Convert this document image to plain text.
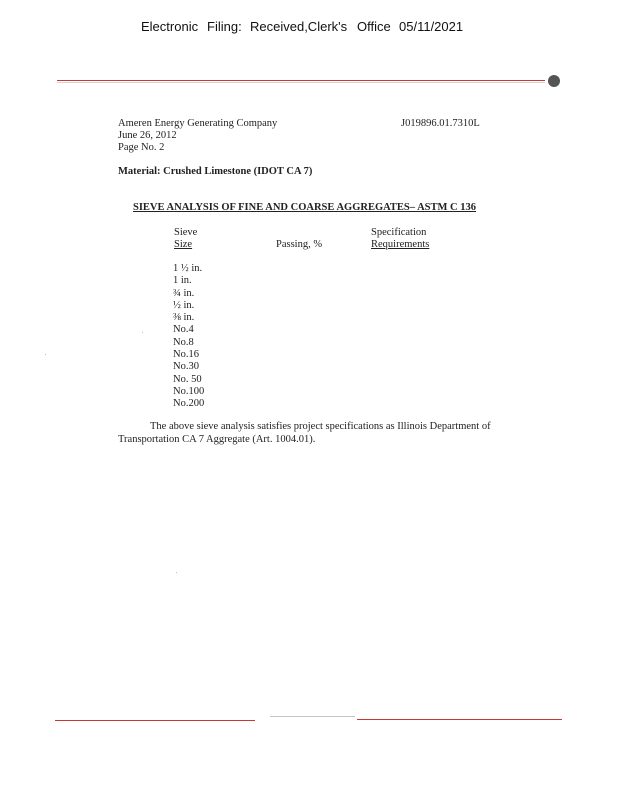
Electronic Filing: Received,Clerk's Office 05/11/2021
Ameren Energy Generating Company
June 26, 2012
Page No. 2
J019896.01.7310L
Material: Crushed Limestone (IDOT CA 7)
SIEVE ANALYSIS OF FINE AND COARSE AGGREGATES– ASTM C 136
Sieve
Size	Passing, %
Specification
Requirements
1 ½ in.
1 in.
¾ in.
½ in.
⅜ in.
No.4
No.8
No.16
No.30
No. 50
No.100
No.200
The above sieve analysis satisfies project specifications as Illinois Department of Transportation CA 7 Aggregate (Art. 1004.01).
